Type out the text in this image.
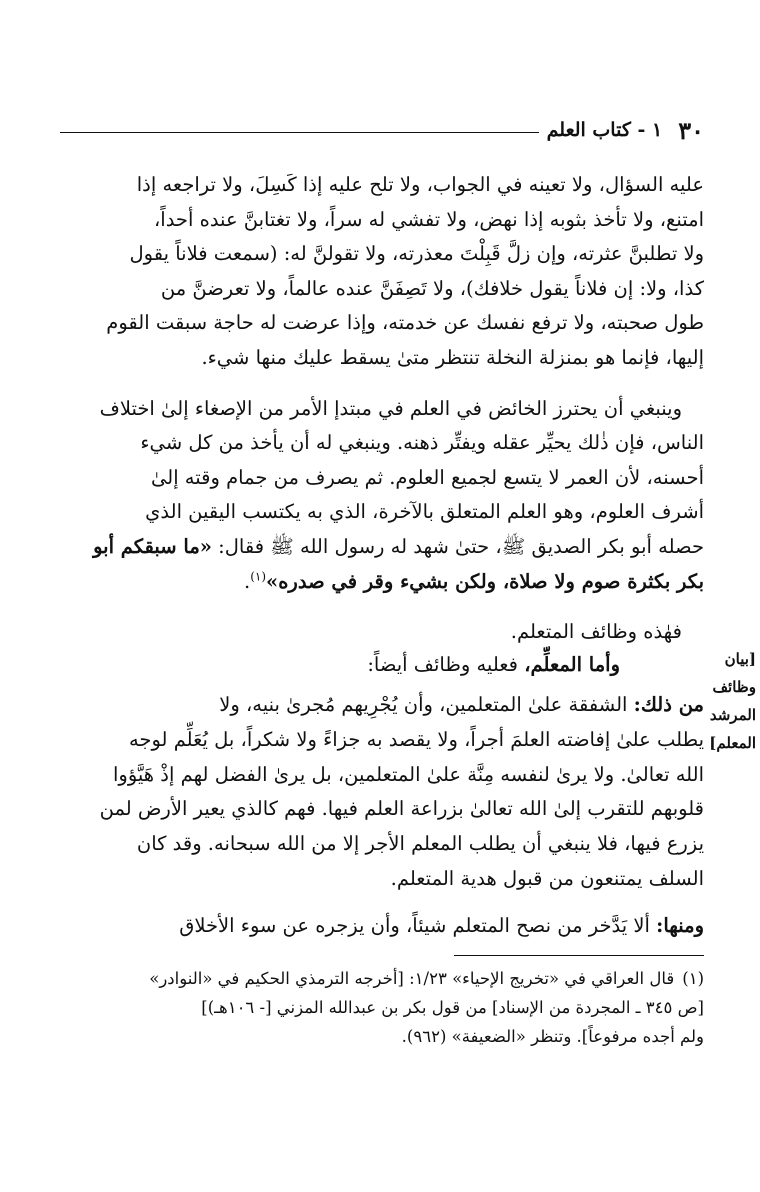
٣٠
١ - كتاب العلم

عليه السؤال، ولا تعينه في الجواب، ولا تلح عليه إذا كَسِلَ، ولا تراجعه إذا

امتنع، ولا تأخذ بثوبه إذا نهض، ولا تفشي له سراً، ولا تغتابنَّ عنده أحداً،

ولا تطلبنَّ عثرته، وإن زلَّ قَبِلْتَ معذرته، ولا تقولنَّ له: (سمعت فلاناً يقول

كذا، ولا: إن فلاناً يقول خلافك)، ولا تَصِفَنَّ عنده عالماً، ولا تعرضنَّ من

طول صحبته، ولا ترفع نفسك عن خدمته، وإذا عرضت له حاجة سبقت القوم

إليها، فإنما هو بمنزلة النخلة تنتظر متىٰ يسقط عليك منها شيء.

وينبغي أن يحترز الخائض في العلم في مبتدإ الأمر من الإصغاء إلىٰ اختلاف

الناس، فإن ذٰلك يحيِّر عقله ويفتِّر ذهنه. وينبغي له أن يأخذ من كل شيء

أحسنه، لأن العمر لا يتسع لجميع العلوم. ثم يصرف من جمام وقته إلىٰ

أشرف العلوم، وهو العلم المتعلق بالآخرة، الذي به يكتسب اليقين الذي

حصله أبو بكر الصديق ﷺ، حتىٰ شهد له رسول الله ﷺ فقال: «ما سبقكم أبو

بكر بكثرة صوم ولا صلاة، ولكن بشيء وقر في صدره»$^{(١)}$.

فهٰذه وظائف المتعلم.

[بيان وظائف
المرشد المعلم]
وأما المعلِّم، فعليه وظائف أيضاً:

من ذلك: الشفقة علىٰ المتعلمين، وأن يُجْرِيهم مُجرىٰ بنيه، ولا

يطلب علىٰ إفاضته العلمَ أجراً، ولا يقصد به جزاءً ولا شكراً، بل يُعَلِّم لوجه

الله تعالىٰ. ولا يرىٰ لنفسه مِنَّة علىٰ المتعلمين، بل يرىٰ الفضل لهم إذْ هَيَّؤوا

قلوبهم للتقرب إلىٰ الله تعالىٰ بزراعة العلم فيها. فهم كالذي يعير الأرض لمن

يزرع فيها، فلا ينبغي أن يطلب المعلم الأجر إلا من الله سبحانه. وقد كان

السلف يمتنعون من قبول هدية المتعلم.

ومنها: ألا يَدَّخر من نصح المتعلم شيئاً، وأن يزجره عن سوء الأخلاق

(١)قال العراقي في «تخريج الإحياء» ١/٢٣: [أخرجه الترمذي الحكيم في «النوادر»

[ص ٣٤٥ ـ المجردة من الإسناد] من قول بكر بن عبدالله المزني [- ١٠٦هـ)]

ولم أجده مرفوعاً]. وتنظر «الضعيفة» (٩٦٢).
